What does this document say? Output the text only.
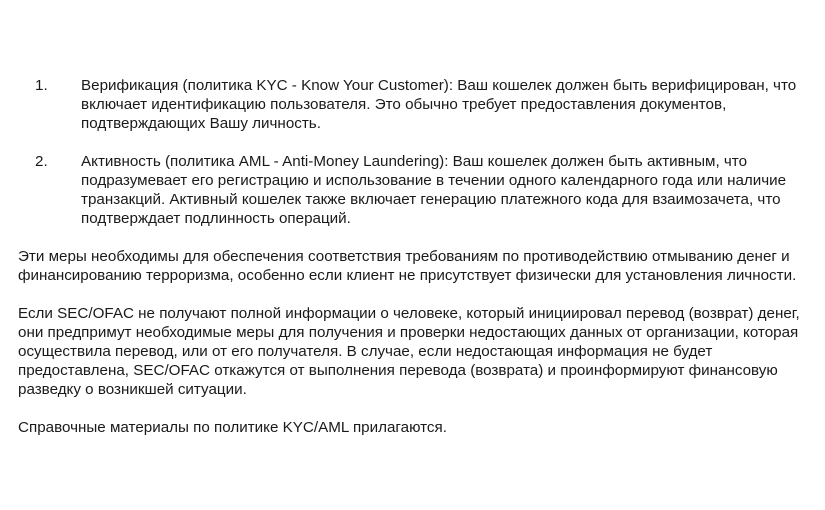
1. Верификация (политика KYC - Know Your Customer): Ваш кошелек должен быть верифицирован, что включает идентификацию пользователя. Это обычно требует предоставления документов, подтверждающих Вашу личность.
2. Активность (политика AML - Anti-Money Laundering): Ваш кошелек должен быть активным, что подразумевает его регистрацию и использование в течении одного календарного года или наличие транзакций. Активный кошелек также включает генерацию платежного кода для взаимозачета, что подтверждает подлинность операций.

Эти меры необходимы для обеспечения соответствия требованиям по противодействию отмыванию денег и финансированию терроризма, особенно если клиент не присутствует физически для установления личности.

Если SEC/OFAC не получают полной информации о человеке, который инициировал перевод (возврат) денег, они предпримут необходимые меры для получения и проверки недостающих данных от организации, которая осуществила перевод, или от его получателя. В случае, если недостающая информация не будет предоставлена, SEC/OFAC откажутся от выполнения перевода (возврата) и проинформируют финансовую разведку о возникшей ситуации.

Справочные материалы по политике KYC/AML прилагаются.
